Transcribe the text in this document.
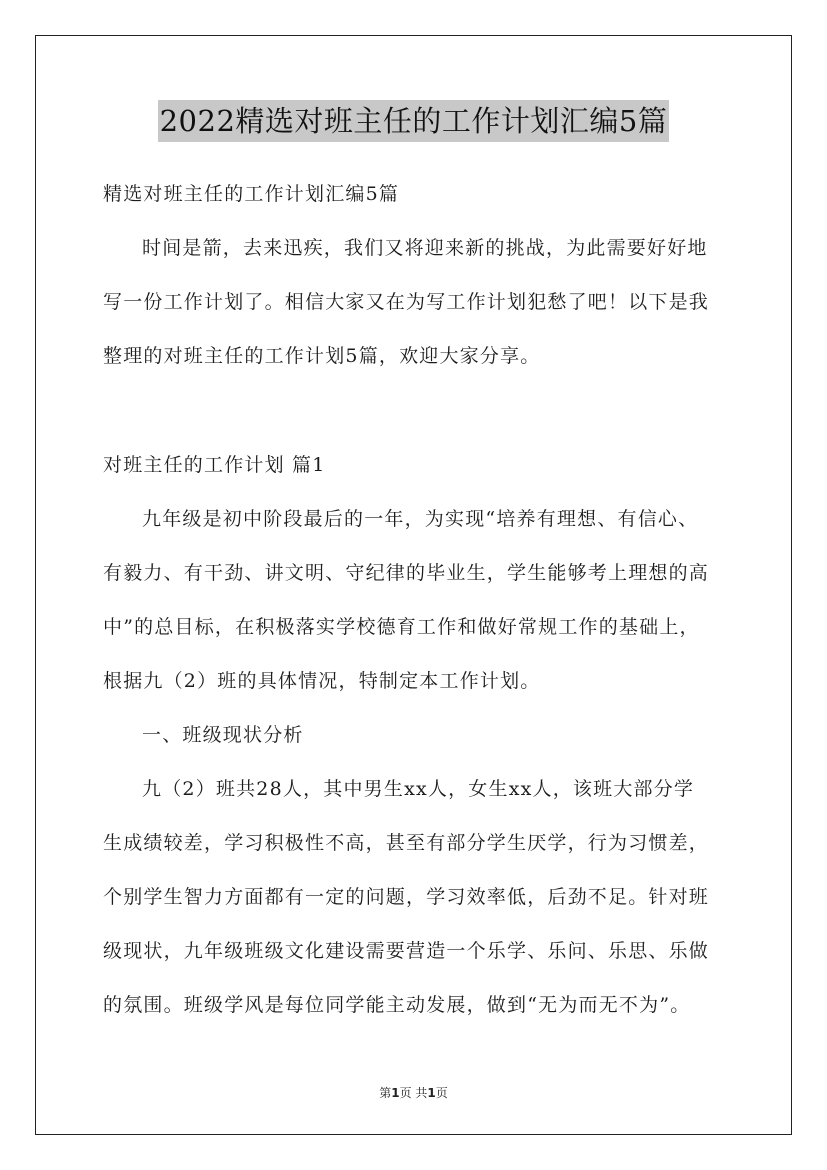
2022精选对班主任的工作计划汇编5篇
精选对班主任的工作计划汇编5篇
时间是箭，去来迅疾，我们又将迎来新的挑战，为此需要好好地
写一份工作计划了。相信大家又在为写工作计划犯愁了吧！以下是我
整理的对班主任的工作计划5篇，欢迎大家分享。
对班主任的工作计划 篇1
九年级是初中阶段最后的一年，为实现“培养有理想、有信心、
有毅力、有干劲、讲文明、守纪律的毕业生，学生能够考上理想的高
中”的总目标，在积极落实学校德育工作和做好常规工作的基础上，
根据九（2）班的具体情况，特制定本工作计划。
一、班级现状分析
九（2）班共28人，其中男生xx人，女生xx人，该班大部分学
生成绩较差，学习积极性不高，甚至有部分学生厌学，行为习惯差，
个别学生智力方面都有一定的问题，学习效率低，后劲不足。针对班
级现状，九年级班级文化建设需要营造一个乐学、乐问、乐思、乐做
的氛围。班级学风是每位同学能主动发展，做到“无为而无不为”。
第1页 共1页
